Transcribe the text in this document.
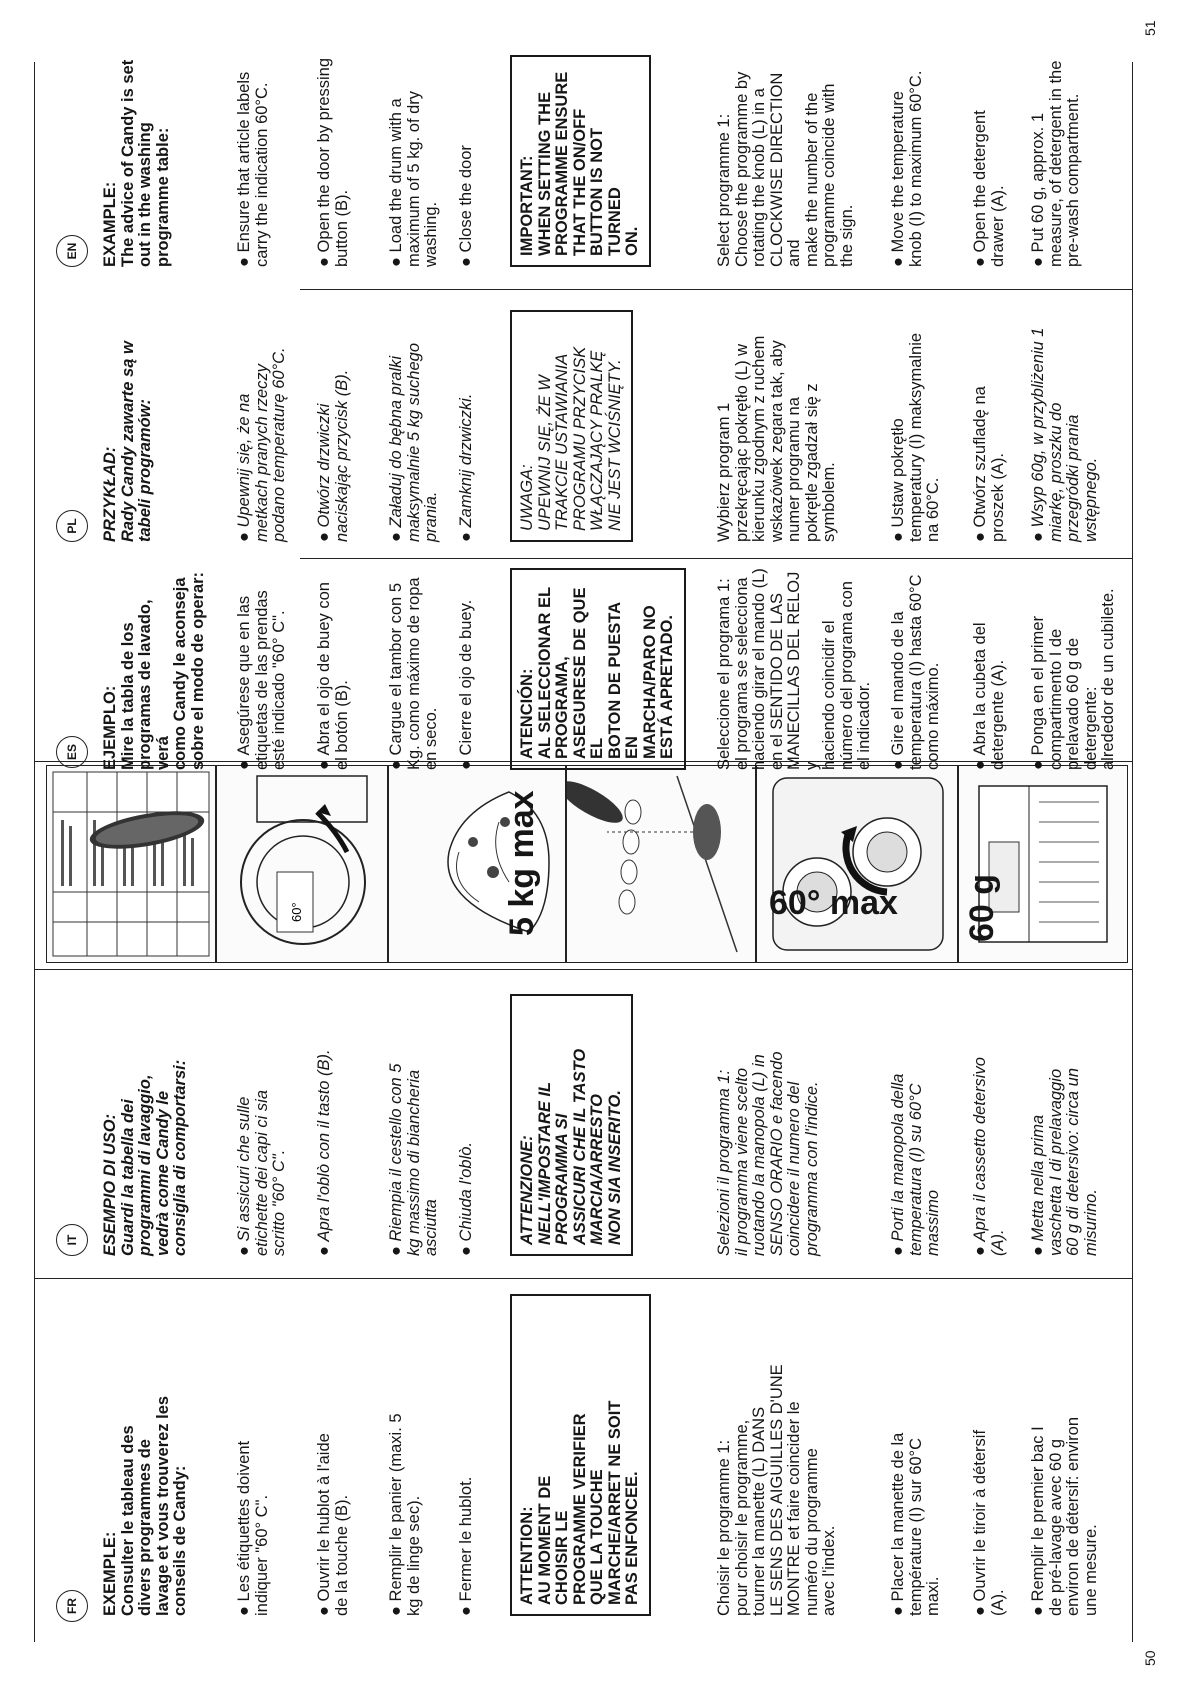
50
51
FR	EXEMPLE:
Consulter le tableau des
divers programmes de
lavage et vous trouverez les
conseils de Candy:
● Les étiquettes doivent
indiquer "60° C".
● Ouvrir le hublot à l'aide
de la touche (B).
● Remplir le panier (maxi. 5
kg de linge sec). ● Fermer le hublot.	ATTENTION:
AU MOMENT DE
CHOISIR LE
PROGRAMME VERIFIER
QUE LA TOUCHE
MARCHE/ARRET NE SOIT
PAS ENFONCEE.
Choisir le programme 1:
pour choisir le programme,
tourner la manette (L) DANS
LE SENS DES AIGUILLES D'UNE
MONTRE et faire coincider le
numéro du programme
avec l'index.
● Placer la manette de la
température (I) sur 60°C
maxi. ● Ouvrir le tiroir à détersif
(A).
● Remplir le premier bac I
de pré-lavage avec 60 g
environ de détersif: environ
une mesure.
IT	ESEMPIO DI USO:
Guardi la tabella dei
programmi di lavaggio,
vedrà come Candy le
consiglia di comportarsi:
● Si assicuri che sulle
etichette dei capi ci sia
scritto "60° C". ● Apra l'oblò con il tasto (B).	● Riempia il cestello con 5
kg massimo di biancheria
asciutta ● Chiuda l'oblò.	ATTENZIONE:
NELL'IMPOSTARE IL
PROGRAMMA SI
ASSICURI CHE IL TASTO
MARCIA/ARRESTO
NON SIA INSERITO.
Selezioni il programma 1:
il programma viene scelto
ruotando la manopola (L) in
SENSO ORARIO e facendo
coincidere il numero del
programma con l'indice.
● Porti la manopola della
temperatura (I) su 60°C
massimo ● Apra il cassetto detersivo
(A).
● Metta nella prima
vaschetta I di prelavaggio
60 g di detersivo: circa un
misurino.
60°	5 kg max	60° max 60 g
ES	EJEMPLO:
Mire la tabla de los
programas de lavado, verá
como Candy le aconseja
sobre el modo de operar:
● Asegúrese que en las
etiquetas de las prendas
esté indicado "60° C".
● Abra el ojo de buey con
el botón (B).
● Cargue el tambor con 5
Kg. como máximo de ropa
en seco. ● Cierre el ojo de buey.	ATENCIÓN:
AL SELECCIONAR EL
PROGRAMA,
ASEGURESE DE QUE EL
BOTON DE PUESTA EN
MARCHA/PARO NO
ESTÁ APRETADO.
Seleccione el programa 1:
el programa se selecciona
haciendo girar el mando (L)
en el SENTIDO DE LAS
MANECILLAS DEL RELOJ y
haciendo coincidir el
número del programa con
el indicador. ● Gire el mando de la
temperatura (I) hasta 60°C
como máximo.
● Abra la cubeta del
detergente (A).
● Ponga en el primer
compartimento I de
prelavado 60 g de
detergente:
alrededor de un cubilete.
PL	PRZYKŁAD:
Rady Candy zawarte są w
tabeli programów:
● Upewnij się, że na
metkach pranych rzeczy
podano temperaturę 60°C.
● Otwórz drzwiczki
naciskając przycisk (B).
● Załaduj do bębna pralki
maksymalnie 5 kg suchego
prania. ● Zamknij drzwiczki.	UWAGA:
UPEWNIJ SIĘ, ŻE W
TRAKCIE USTAWIANIA
PROGRAMU PRZYCISK
WŁĄCZAJĄCY PRALKĘ
NIE JEST WCIŚNIĘTY.
Wybierz program 1
przekręcając pokrętło (L) w
kierunku zgodnym z ruchem
wskazówek zegara tak, aby
numer programu na
pokrętle zgadzał się z
symbolem.	● Ustaw pokrętło
temperatury (I) maksymalnie
na 60°C. ● Otwórz szufladę na
proszek (A).
● Wsyp 60g, w przybliżeniu 1
miarkę, proszku do
przegródki prania
wstępnego.
EN	EXAMPLE:
The advice of Candy is set
out in the washing
programme table:
● Ensure that article labels
carry the indication 60°C.
● Open the door by pressing
button (B).
● Load the drum with a
maximum of 5 kg. of dry
washing. ● Close the door	IMPORTANT:
WHEN SETTING THE
PROGRAMME ENSURE
THAT THE ON/OFF
BUTTON IS NOT TURNED
ON.	Select programme 1:
Choose the programme by
rotating the knob (L) in a
CLOCKWISE DIRECTION and
make the number of the
programme coincide with
the sign. ● Move the temperature
knob (I) to maximum 60°C.
● Open the detergent
drawer (A).
● Put 60 g, approx. 1
measure, of detergent in the
pre-wash compartment.
